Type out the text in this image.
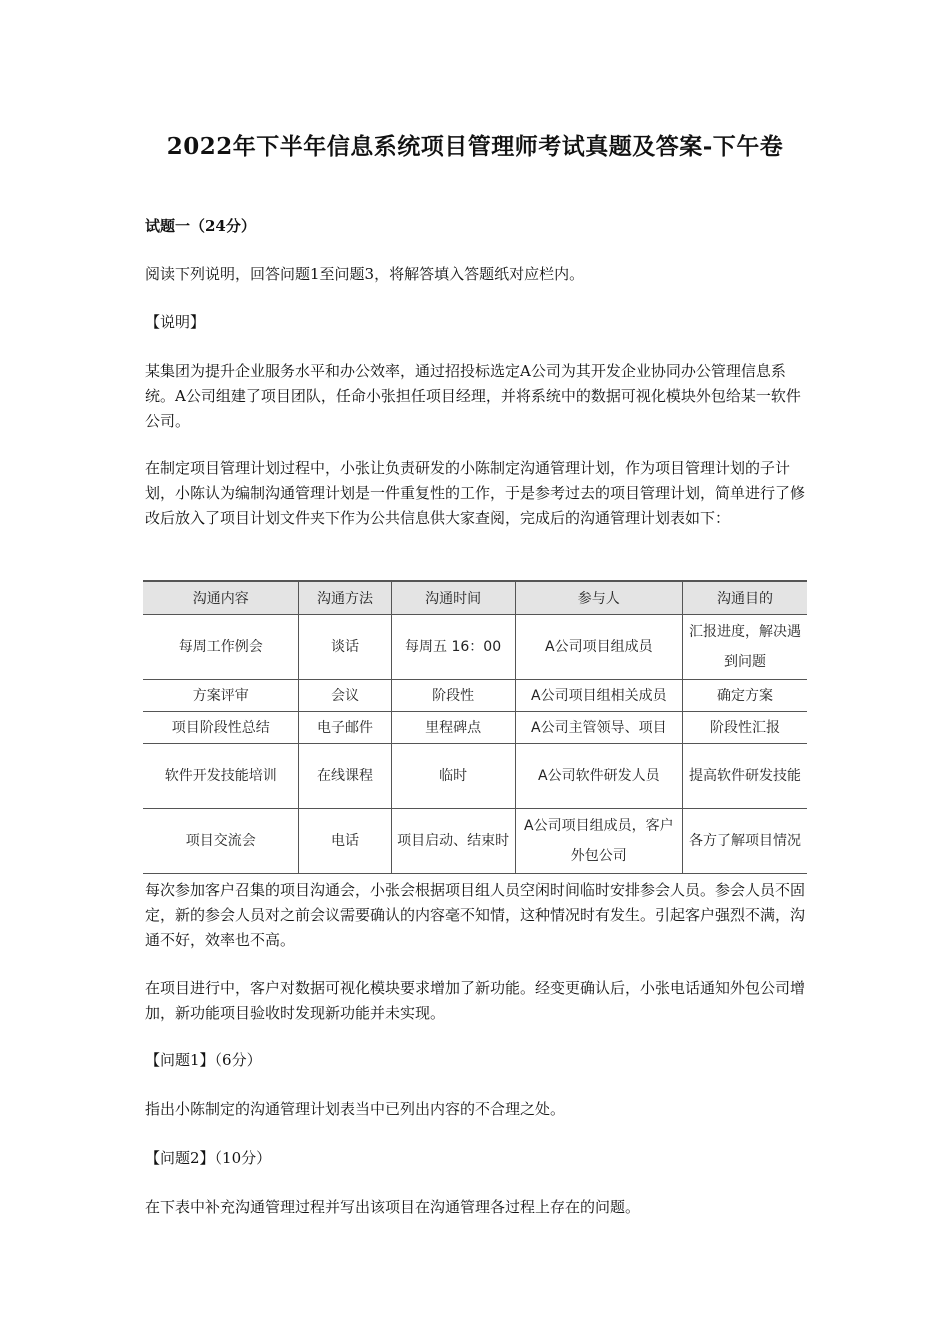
2022年下半年信息系统项目管理师考试真题及答案-下午卷

试题一（24分）

阅读下列说明，回答问题1至问题3，将解答填入答题纸对应栏内。

【说明】

某集团为提升企业服务水平和办公效率，通过招投标选定A公司为其开发企业协同办公管理信息系统。A公司组建了项目团队，任命小张担任项目经理，并将系统中的数据可视化模块外包给某一软件公司。

在制定项目管理计划过程中，小张让负责研发的小陈制定沟通管理计划，作为项目管理计划的子计划，小陈认为编制沟通管理计划是一件重复性的工作，于是参考过去的项目管理计划，简单进行了修改后放入了项目计划文件夹下作为公共信息供大家查阅，完成后的沟通管理计划表如下：

沟通内容	沟通方法	沟通时间	参与人	沟通目的
每周工作例会	谈话	每周五 16：00	A公司项目组成员	汇报进度，解决遇到问题
方案评审	会议	阶段性	A公司项目组相关成员	确定方案
项目阶段性总结	电子邮件	里程碑点	A公司主管领导、项目	阶段性汇报
软件开发技能培训	在线课程	临时	A公司软件研发人员	提高软件研发技能
项目交流会	电话	项目启动、结束时	A公司项目组成员，客户外包公司	各方了解项目情况

每次参加客户召集的项目沟通会，小张会根据项目组人员空闲时间临时安排参会人员。参会人员不固定，新的参会人员对之前会议需要确认的内容毫不知情，这种情况时有发生。引起客户强烈不满，沟通不好，效率也不高。

在项目进行中，客户对数据可视化模块要求增加了新功能。经变更确认后，小张电话通知外包公司增加，新功能项目验收时发现新功能并未实现。

【问题1】（6分）

指出小陈制定的沟通管理计划表当中已列出内容的不合理之处。

【问题2】（10分）

在下表中补充沟通管理过程并写出该项目在沟通管理各过程上存在的问题。
